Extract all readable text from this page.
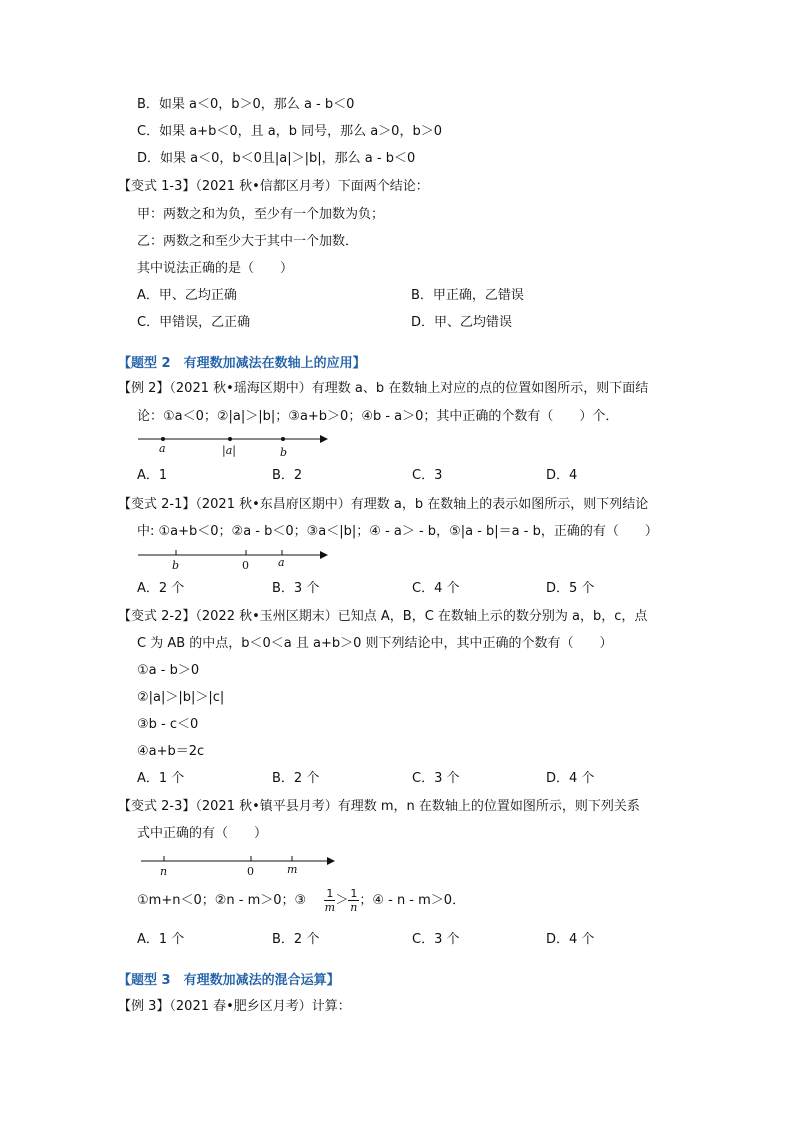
B．如果 a＜0，b＞0，那么 a - b＜0
C．如果 a+b＜0，且 a，b 同号，那么 a＞0，b＞0
D．如果 a＜0，b＜0且|a|＞|b|，那么 a - b＜0
【变式 1-3】（2021 秋•信都区月考）下面两个结论：
甲：两数之和为负，至少有一个加数为负；
乙：两数之和至少大于其中一个加数．
其中说法正确的是（　　）
A．甲、乙均正确	B．甲正确，乙错误
C．甲错误，乙正确	D．甲、乙均错误
【题型 2　有理数加减法在数轴上的应用】
【例 2】（2021 秋•瑶海区期中）有理数 a、b 在数轴上对应的点的位置如图所示，则下面结
论：①a＜0；②|a|＞|b|；③a+b＞0；④b - a＞0；其中正确的个数有（　　）个．
a	|a|	b
A．1	B．2	C．3	D．4
【变式 2-1】（2021 秋•东昌府区期中）有理数 a，b 在数轴上的表示如图所示，则下列结论
中: ①a+b＜0；②a - b＜0；③a＜|b|；④ - a＞ - b，⑤|a - b|＝a - b，正确的有（　　）
b	0	a
A．2 个	B．3 个	C．4 个	D．5 个
【变式 2-2】（2022 秋•玉州区期末）已知点 A，B，C 在数轴上示的数分别为 a，b，c，点
C 为 AB 的中点，b＜0＜a 且 a+b＞0 则下列结论中，其中正确的个数有（　　）
①a - b＞0
②|a|＞|b|＞|c|
③b - c＜0
④a+b＝2c
A．1 个	B．2 个	C．3 个	D．4 个
【变式 2-3】（2021 秋•镇平县月考）有理数 m，n 在数轴上的位置如图所示，则下列关系
式中正确的有（　　）
n	0	m
①m+n＜0；②n - m＞0；③ $\frac{1}{m} > \frac{1}{n}$ ；④ - n - m＞0．
A．1 个	B．2 个	C．3 个	D．4 个
【题型 3　有理数加减法的混合运算】
【例 3】（2021 春•肥乡区月考）计算：
